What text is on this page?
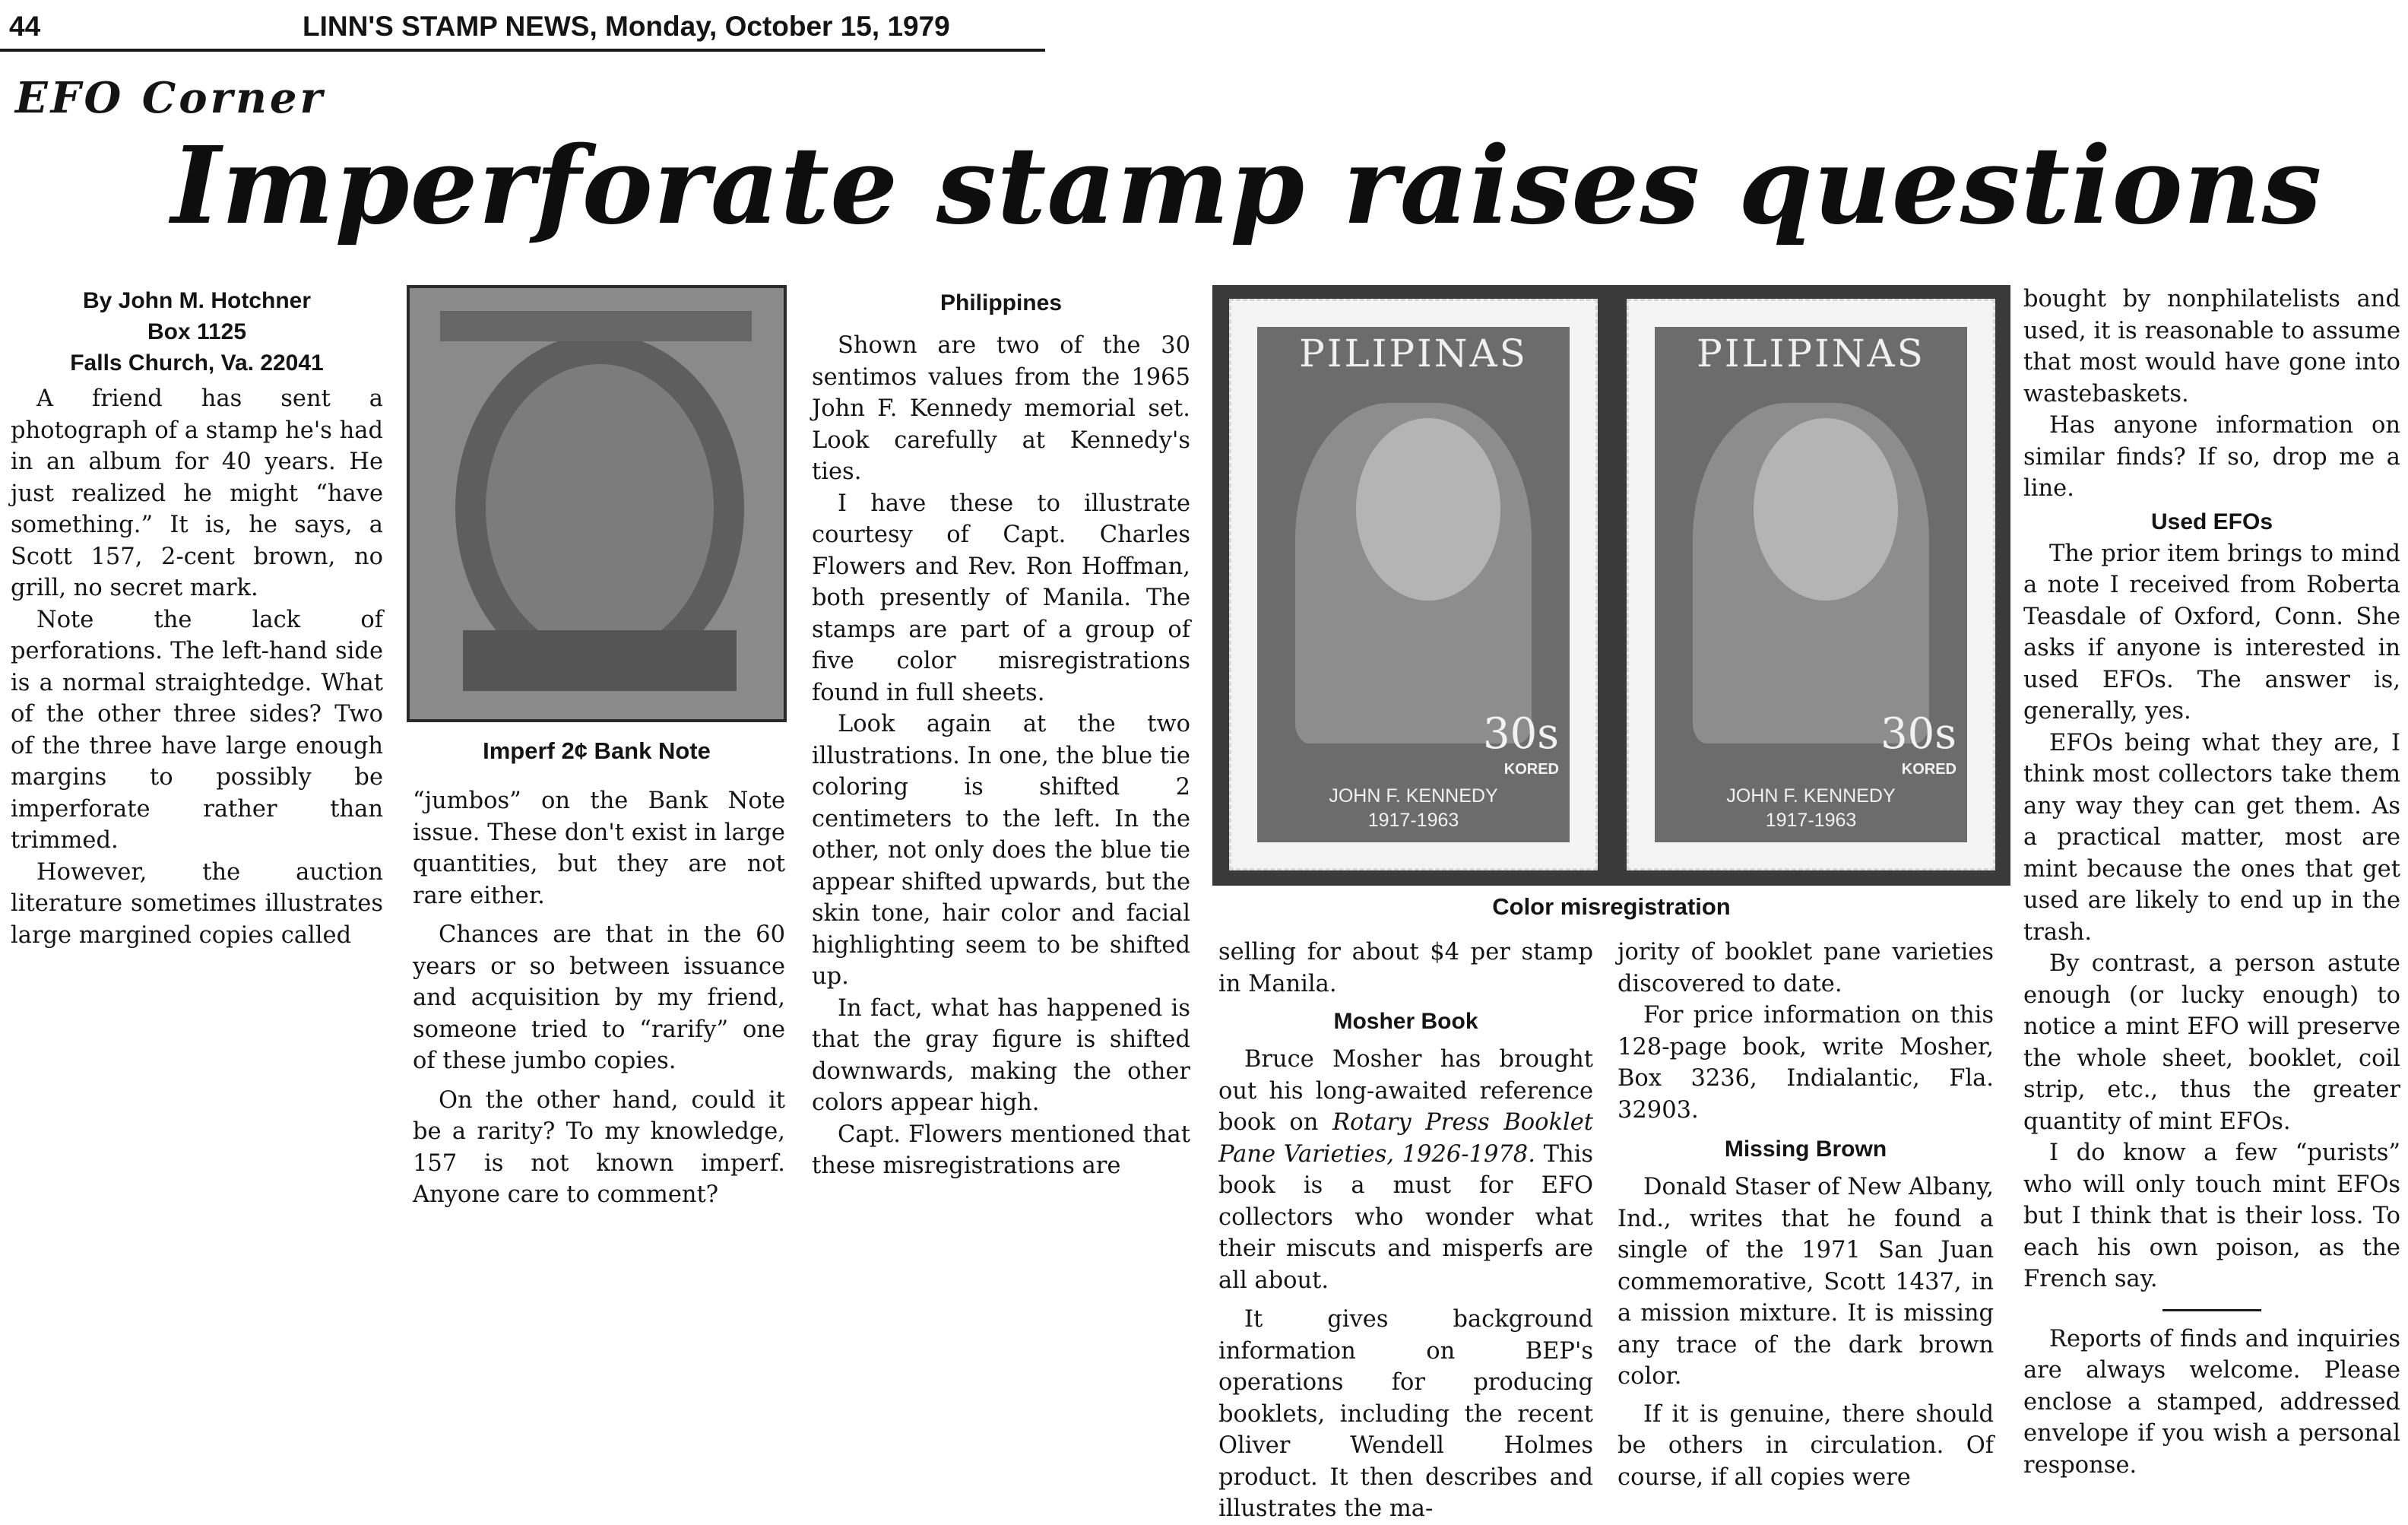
44	LINN'S STAMP NEWS, Monday, October 15, 1979
EFO Corner
Imperforate stamp raises questions
By John M. Hotchner
Box 1125
Falls Church, Va. 22041

A friend has sent a photograph of a stamp he's had in an album for 40 years. He just realized he might “have something.” It is, he says, a Scott 157, 2-cent brown, no grill, no secret mark.

Note the lack of perforations. The left-hand side is a normal straightedge. What of the other three sides? Two of the three have large enough margins to possibly be imperforate rather than trimmed.

However, the auction literature sometimes illustrates large margined copies called

Imperf 2¢ Bank Note

“jumbos” on the Bank Note issue. These don't exist in large quantities, but they are not rare either.

Chances are that in the 60 years or so between issuance and acquisition by my friend, someone tried to “rarify” one of these jumbo copies.

On the other hand, could it be a rarity? To my knowledge, 157 is not known imperf. Anyone care to comment?

Philippines

Shown are two of the 30 sentimos values from the 1965 John F. Kennedy memorial set. Look carefully at Kennedy's ties.

I have these to illustrate courtesy of Capt. Charles Flowers and Rev. Ron Hoffman, both presently of Manila. The stamps are part of a group of five color misregistrations found in full sheets.

Look again at the two illustrations. In one, the blue tie coloring is shifted 2 centimeters to the left. In the other, not only does the blue tie appear shifted upwards, but the skin tone, hair color and facial highlighting seem to be shifted up.

In fact, what has happened is that the gray figure is shifted downwards, making the other colors appear high.

Capt. Flowers mentioned that these misregistrations are

PILIPINAS
30s
KORED
JOHN F. KENNEDY
1917-1963
PILIPINAS
30s
KORED
JOHN F. KENNEDY
1917-1963
Color misregistration

selling for about $4 per stamp in Manila.

Mosher Book

Bruce Mosher has brought out his long-awaited reference book on Rotary Press Booklet Pane Varieties, 1926-1978. This book is a must for EFO collectors who wonder what their miscuts and misperfs are all about.

It gives background information on BEP's operations for producing booklets, including the recent Oliver Wendell Holmes product. It then describes and illustrates the ma-

jority of booklet pane varieties discovered to date.

For price information on this 128-page book, write Mosher, Box 3236, Indialantic, Fla. 32903.

Missing Brown

Donald Staser of New Albany, Ind., writes that he found a single of the 1971 San Juan commemorative, Scott 1437, in a mission mixture. It is missing any trace of the dark brown color.

If it is genuine, there should be others in circulation. Of course, if all copies were

bought by nonphilatelists and used, it is reasonable to assume that most would have gone into wastebaskets.

Has anyone information on similar finds? If so, drop me a line.

Used EFOs

The prior item brings to mind a note I received from Roberta Teasdale of Oxford, Conn. She asks if anyone is interested in used EFOs. The answer is, generally, yes.

EFOs being what they are, I think most collectors take them any way they can get them. As a practical matter, most are mint because the ones that get used are likely to end up in the trash.

By contrast, a person astute enough (or lucky enough) to notice a mint EFO will preserve the whole sheet, booklet, coil strip, etc., thus the greater quantity of mint EFOs.

I do know a few “purists” who will only touch mint EFOs but I think that is their loss. To each his own poison, as the French say.

Reports of finds and inquiries are always welcome. Please enclose a stamped, addressed envelope if you wish a personal response.
